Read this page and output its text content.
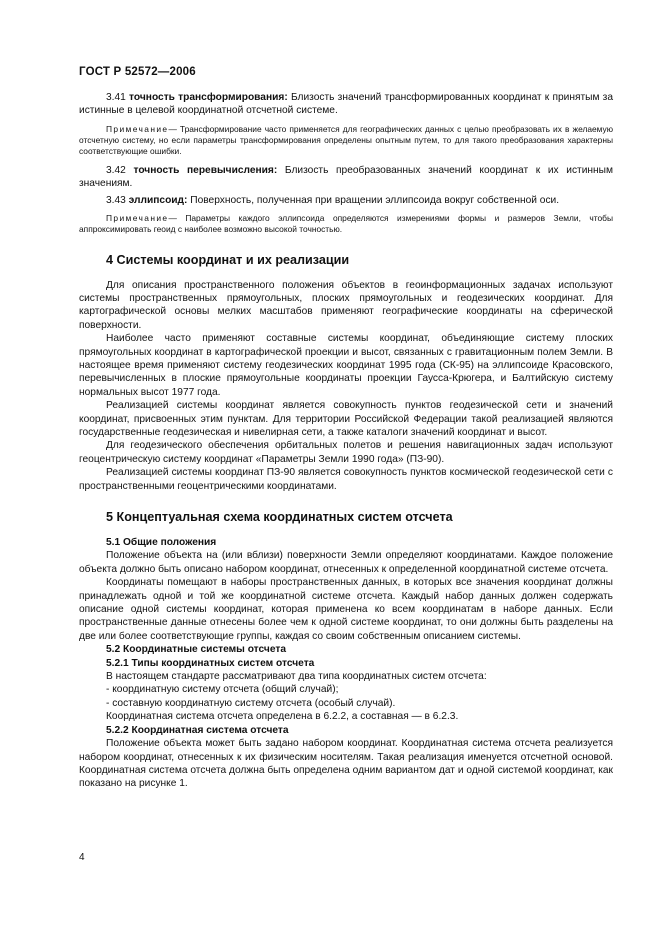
ГОСТ Р 52572—2006

3.41 точность трансформирования: Близость значений трансформированных координат к принятым за истинные в целевой координатной отсчетной системе.

Примечание— Трансформирование часто применяется для географических данных с целью преобразовать их в желаемую отсчетную систему, но если параметры трансформирования определены опытным путем, то для такого преобразования характерны соответствующие ошибки.

3.42 точность перевычисления: Близость преобразованных значений координат к их истинным значениям.

3.43 эллипсоид: Поверхность, полученная при вращении эллипсоида вокруг собственной оси.

Примечание— Параметры каждого эллипсоида определяются измерениями формы и размеров Земли, чтобы аппроксимировать геоид с наиболее возможно высокой точностью.

4 Системы координат и их реализации

Для описания пространственного положения объектов в геоинформационных задачах используют системы пространственных прямоугольных, плоских прямоугольных и геодезических координат. Для картографической основы мелких масштабов применяют географические координаты на сферической поверхности.

Наиболее часто применяют составные системы координат, объединяющие систему плоских прямоугольных координат в картографической проекции и высот, связанных с гравитационным полем Земли. В настоящее время применяют систему геодезических координат 1995 года (СК-95) на эллипсоиде Красовского, перевычисленных в плоские прямоугольные координаты проекции Гаусса-Крюгера, и Балтийскую систему нормальных высот 1977 года.

Реализацией системы координат является совокупность пунктов геодезической сети и значений координат, присвоенных этим пунктам. Для территории Российской Федерации такой реализацией являются государственные геодезическая и нивелирная сети, а также каталоги значений координат и высот.

Для геодезического обеспечения орбитальных полетов и решения навигационных задач используют геоцентрическую систему координат «Параметры Земли 1990 года» (ПЗ-90).

Реализацией системы координат ПЗ-90 является совокупность пунктов космической геодезической сети с пространственными геоцентрическими координатами.

5 Концептуальная схема координатных систем отсчета

5.1 Общие положения

Положение объекта на (или вблизи) поверхности Земли определяют координатами. Каждое положение объекта должно быть описано набором координат, отнесенных к определенной координатной системе отсчета.

Координаты помещают в наборы пространственных данных, в которых все значения координат должны принадлежать одной и той же координатной системе отсчета. Каждый набор данных должен содержать описание одной системы координат, которая применена ко всем координатам в наборе данных. Если пространственные данные отнесены более чем к одной системе координат, то они должны быть разделены на две или более соответствующие группы, каждая со своим собственным описанием системы.

5.2 Координатные системы отсчета

5.2.1 Типы координатных систем отсчета

В настоящем стандарте рассматривают два типа координатных систем отсчета:

- координатную систему отсчета (общий случай);

- составную координатную систему отсчета (особый случай).

Координатная система отсчета определена в 6.2.2, а составная — в 6.2.3.

5.2.2 Координатная система отсчета

Положение объекта может быть задано набором координат. Координатная система отсчета реализуется набором координат, отнесенных к их физическим носителям. Такая реализация именуется отсчетной основой. Координатная система отсчета должна быть определена одним вариантом дат и одной системой координат, как показано на рисунке 1.

4
